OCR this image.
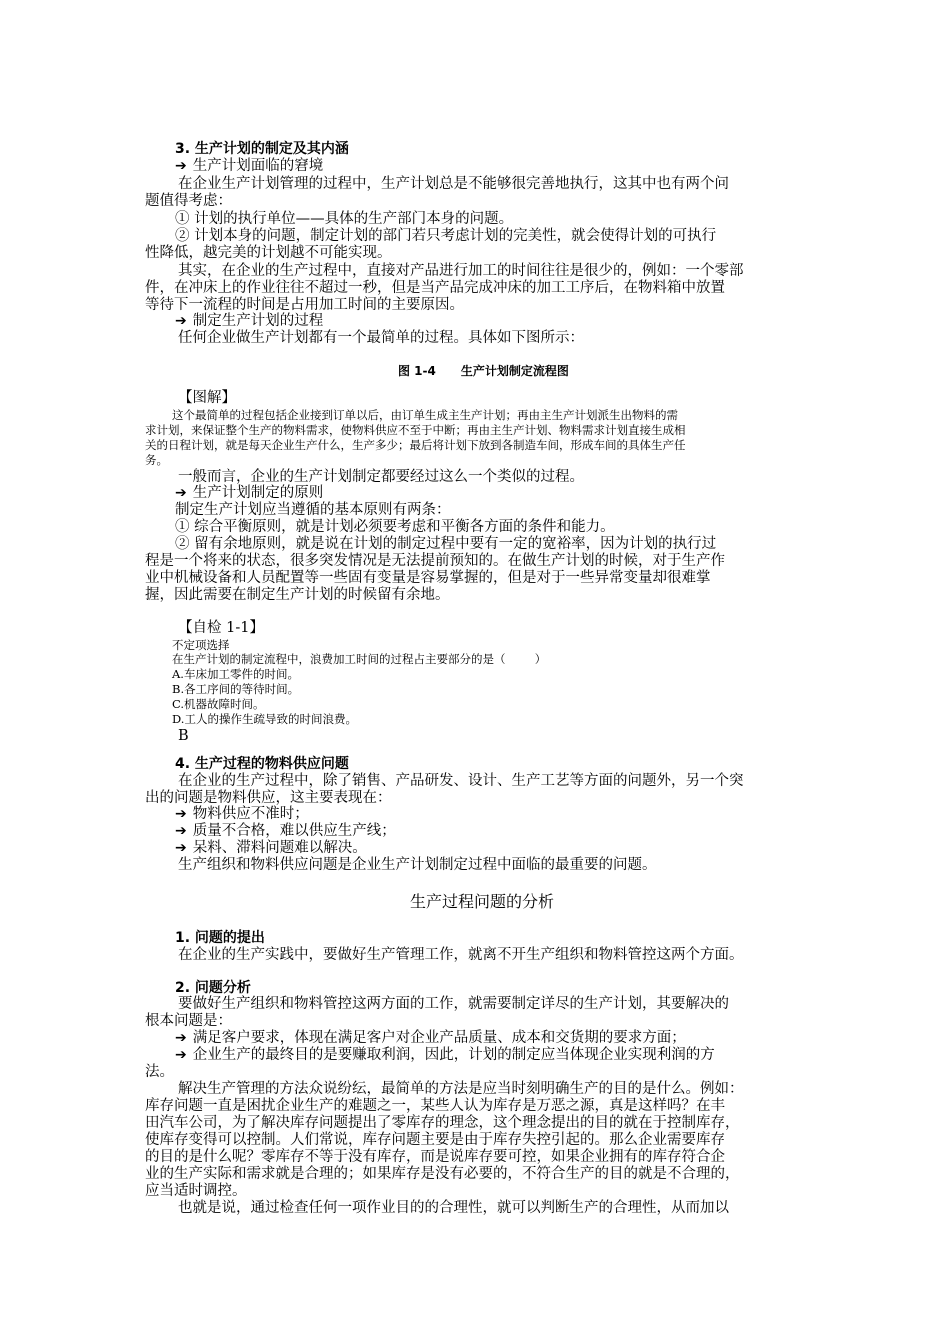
3. 生产计划的制定及其内涵
➔ 生产计划面临的窘境
在企业生产计划管理的过程中，生产计划总是不能够很完善地执行，这其中也有两个问
题值得考虑：
① 计划的执行单位——具体的生产部门本身的问题。
② 计划本身的问题，制定计划的部门若只考虑计划的完美性，就会使得计划的可执行
性降低，越完美的计划越不可能实现。
其实，在企业的生产过程中，直接对产品进行加工的时间往往是很少的，例如：一个零部
件，在冲床上的作业往往不超过一秒，但是当产品完成冲床的加工工序后，在物料箱中放置
等待下一流程的时间是占用加工时间的主要原因。
➔ 制定生产计划的过程
任何企业做生产计划都有一个最简单的过程。具体如下图所示：
图 1-4      生产计划制定流程图
【图解】
这个最简单的过程包括企业接到订单以后，由订单生成主生产计划；再由主生产计划派生出物料的需
求计划，来保证整个生产的物料需求，使物料供应不至于中断；再由主生产计划、物料需求计划直接生成相
关的日程计划，就是每天企业生产什么，生产多少；最后将计划下放到各制造车间，形成车间的具体生产任
务。
一般而言，企业的生产计划制定都要经过这么一个类似的过程。
➔ 生产计划制定的原则
制定生产计划应当遵循的基本原则有两条：
① 综合平衡原则，就是计划必须要考虑和平衡各方面的条件和能力。
② 留有余地原则，就是说在计划的制定过程中要有一定的宽裕率，因为计划的执行过
程是一个将来的状态，很多突发情况是无法提前预知的。在做生产计划的时候，对于生产作
业中机械设备和人员配置等一些固有变量是容易掌握的，但是对于一些异常变量却很难掌
握，因此需要在制定生产计划的时候留有余地。
【自检 1-1】
不定项选择
在生产计划的制定流程中，浪费加工时间的过程占主要部分的是（        ）
A.车床加工零件的时间。
B.各工序间的等待时间。
C.机器故障时间。
D.工人的操作生疏导致的时间浪费。
B
4. 生产过程的物料供应问题
在企业的生产过程中，除了销售、产品研发、设计、生产工艺等方面的问题外，另一个突
出的问题是物料供应，这主要表现在：
➔ 物料供应不准时；
➔ 质量不合格，难以供应生产线；
➔ 呆料、滞料问题难以解决。
生产组织和物料供应问题是企业生产计划制定过程中面临的最重要的问题。
生产过程问题的分析
1. 问题的提出
在企业的生产实践中，要做好生产管理工作，就离不开生产组织和物料管控这两个方面。
2. 问题分析
要做好生产组织和物料管控这两方面的工作，就需要制定详尽的生产计划，其要解决的
根本问题是：
➔ 满足客户要求，体现在满足客户对企业产品质量、成本和交货期的要求方面；
➔ 企业生产的最终目的是要赚取利润，因此，计划的制定应当体现企业实现利润的方
法。
解决生产管理的方法众说纷纭，最简单的方法是应当时刻明确生产的目的是什么。例如：
库存问题一直是困扰企业生产的难题之一，某些人认为库存是万恶之源，真是这样吗？在丰
田汽车公司，为了解决库存问题提出了零库存的理念，这个理念提出的目的就在于控制库存，
使库存变得可以控制。人们常说，库存问题主要是由于库存失控引起的。那么企业需要库存
的目的是什么呢？零库存不等于没有库存，而是说库存要可控，如果企业拥有的库存符合企
业的生产实际和需求就是合理的；如果库存是没有必要的，不符合生产的目的就是不合理的，
应当适时调控。
也就是说，通过检查任何一项作业目的的合理性，就可以判断生产的合理性，从而加以
